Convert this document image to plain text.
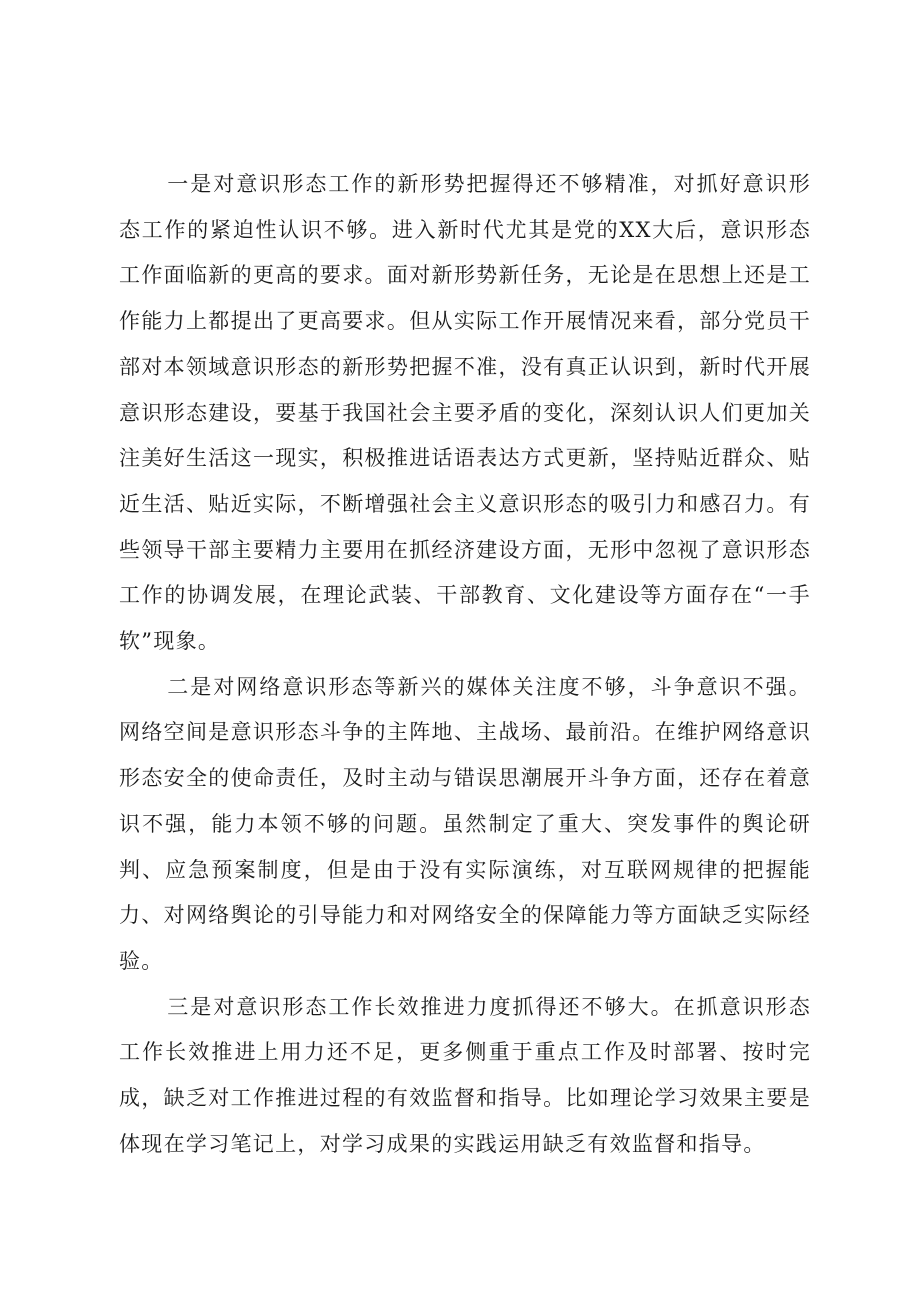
一是对意识形态工作的新形势把握得还不够精准，对抓好意识形态工作的紧迫性认识不够。进入新时代尤其是党的XX大后，意识形态工作面临新的更高的要求。面对新形势新任务，无论是在思想上还是工作能力上都提出了更高要求。但从实际工作开展情况来看，部分党员干部对本领域意识形态的新形势把握不准，没有真正认识到，新时代开展意识形态建设，要基于我国社会主要矛盾的变化，深刻认识人们更加关注美好生活这一现实，积极推进话语表达方式更新，坚持贴近群众、贴近生活、贴近实际，不断增强社会主义意识形态的吸引力和感召力。有些领导干部主要精力主要用在抓经济建设方面，无形中忽视了意识形态工作的协调发展，在理论武装、干部教育、文化建设等方面存在“一手软”现象。

二是对网络意识形态等新兴的媒体关注度不够，斗争意识不强。网络空间是意识形态斗争的主阵地、主战场、最前沿。在维护网络意识形态安全的使命责任，及时主动与错误思潮展开斗争方面，还存在着意识不强，能力本领不够的问题。虽然制定了重大、突发事件的舆论研判、应急预案制度，但是由于没有实际演练，对互联网规律的把握能力、对网络舆论的引导能力和对网络安全的保障能力等方面缺乏实际经验。

三是对意识形态工作长效推进力度抓得还不够大。在抓意识形态工作长效推进上用力还不足，更多侧重于重点工作及时部署、按时完成，缺乏对工作推进过程的有效监督和指导。比如理论学习效果主要是体现在学习笔记上，对学习成果的实践运用缺乏有效监督和指导。
